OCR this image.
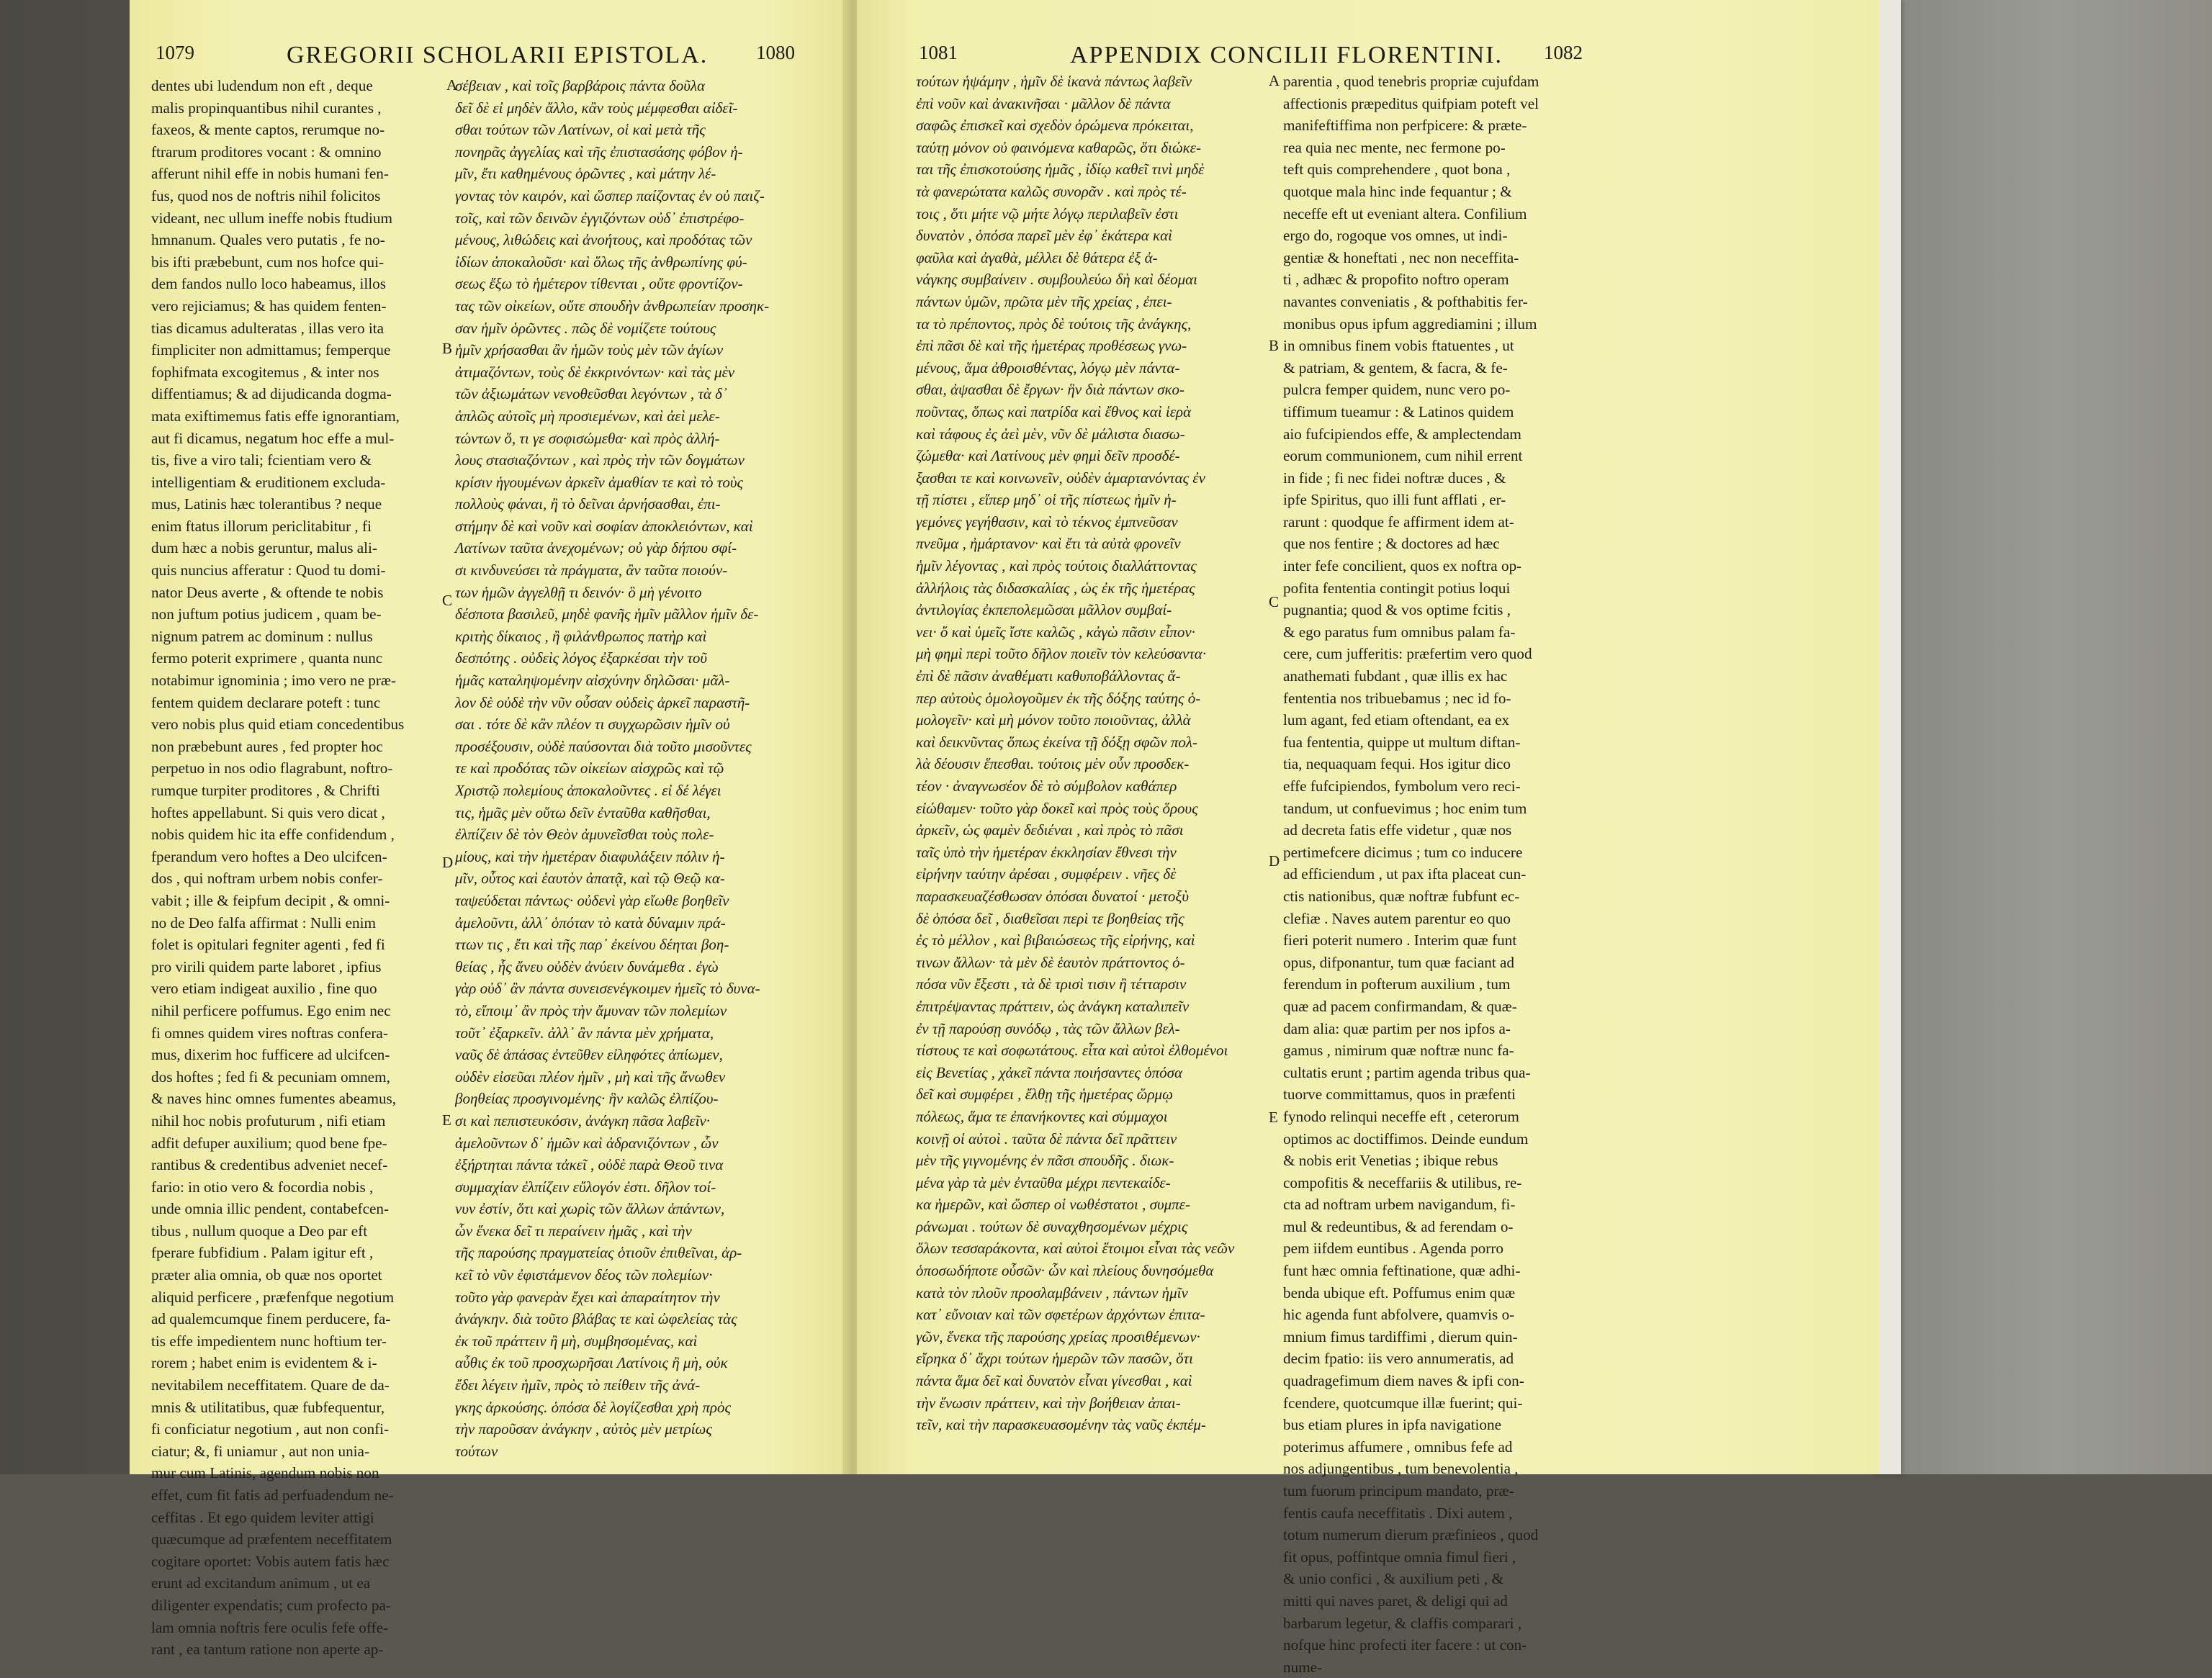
1079	GREGORII SCHOLARII EPISTOLA. 1080
dentes ubi ludendum non eft , deque
malis propinquantibus nihil curantes ,
faxeos, & mente captos, rerumque no-
ftrarum proditores vocant : & omnino
afferunt nihil effe in nobis humani fen-
fus, quod nos de noftris nihil folicitos
videant, nec ullum ineffe nobis ftudium
hmnanum. Quales vero putatis , fe no-
bis ifti præbebunt, cum nos hofce qui-
dem fandos nullo loco habeamus, illos
vero rejiciamus; & has quidem fenten-
tias dicamus adulteratas , illas vero ita
fimpliciter non admittamus; femperque
fophifmata excogitemus , & inter nos
diffentiamus; & ad dijudicanda dogma-
mata exiftimemus fatis effe ignorantiam,
aut fi dicamus, negatum hoc effe a mul-
tis, five a viro tali; fcientiam vero &
intelligentiam & eruditionem excluda-
mus, Latinis hæc tolerantibus ? neque
enim ftatus illorum periclitabitur , fi
dum hæc a nobis geruntur, malus ali-
quis nuncius afferatur : Quod tu domi-
nator Deus averte , & oftende te nobis
non juftum potius judicem , quam be-
nignum patrem ac dominum : nullus
fermo poterit exprimere , quanta nunc
notabimur ignominia ; imo vero ne præ-
fentem quidem declarare poteft : tunc
vero nobis plus quid etiam concedentibus
non præbebunt aures , fed propter hoc
perpetuo in nos odio flagrabunt, noftro-
rumque turpiter proditores , & Chrifti
hoftes appellabunt. Si quis vero dicat ,
nobis quidem hic ita effe confidendum ,
fperandum vero hoftes a Deo ulcifcen-
dos , qui noftram urbem nobis confer-
vabit ; ille & feipfum decipit , & omni-
no de Deo falfa affirmat : Nulli enim
folet is opitulari fegniter agenti , fed fi
pro virili quidem parte laboret , ipfius
vero etiam indigeat auxilio , fine quo
nihil perficere poffumus. Ego enim nec
fi omnes quidem vires noftras confera-
mus, dixerim hoc fufficere ad ulcifcen-
dos hoftes ; fed fi & pecuniam omnem,
& naves hinc omnes fumentes abeamus,
nihil hoc nobis profuturum , nifi etiam
adfit defuper auxilium; quod bene fpe-
rantibus & credentibus adveniet necef-
fario: in otio vero & focordia nobis ,
unde omnia illic pendent, contabefcen-
tibus , nullum quoque a Deo par eft
fperare fubfidium . Palam igitur eft ,
præter alia omnia, ob quæ nos oportet
aliquid perficere , præfenfque negotium
ad qualemcumque finem perducere, fa-
tis effe impedientem nunc hoftium ter-
rorem ; habet enim is evidentem & i-
nevitabilem neceffitatem. Quare de da-
mnis & utilitatibus, quæ fubfequentur,
fi conficiatur negotium , aut non confi-
ciatur; &, fi uniamur , aut non unia-
mur cum Latinis, agendum nobis non
effet, cum fit fatis ad perfuadendum ne-
ceffitas . Et ego quidem leviter attigi
quæcumque ad præfentem neceffitatem
cogitare oportet: Vobis autem fatis hæc
erunt ad excitandum animum , ut ea
diligenter expendatis; cum profecto pa-
lam omnia noftris fere oculis fefe offe-
rant , ea tantum ratione non aperte ap-
σέβειαν , καὶ τοῖς βαρβάροις πάντα δοῦλα
δεῖ δὲ εἰ μηδὲν ἄλλο, κἂν τοὺς μέμφεσθαι αἰδεῖ-
σθαι τούτων τῶν Λατίνων, οἱ καὶ μετὰ τῆς
πονηρᾶς ἀγγελίας καὶ τῆς ἐπιστασάσης φόβον ἡ-
μῖν, ἔτι καθημένους ὁρῶντες , καὶ μάτην λέ-
γοντας τὸν καιρόν, καὶ ὥσπερ παίζοντας ἐν οὐ παιζ-
τοῖς, καὶ τῶν δεινῶν ἐγγιζόντων οὐδ᾽ ἐπιστρέφο-
μένους, λιθώδεις καὶ ἀνοήτους, καὶ προδότας τῶν
ἰδίων ἀποκαλοῦσι· καὶ ὅλως τῆς ἀνθρωπίνης φύ-
σεως ἔξω τὸ ἡμέτερον τίθενται , οὔτε φροντίζον-
τας τῶν οἰκείων, οὔτε σπουδὴν ἀνθρωπείαν προσηκ-
σαν ἡμῖν ὁρῶντες . πῶς δὲ νομίζετε τούτους
ἡμῖν χρήσασθαι ἂν ἡμῶν τοὺς μὲν τῶν ἁγίων
ἀτιμαζόντων, τοὺς δὲ ἐκκρινόντων· καὶ τὰς μὲν
τῶν ἀξιωμάτων νενοθεῦσθαι λεγόντων , τὰ δ᾽
ἁπλῶς αὐτοῖς μὴ προσιεμένων, καὶ ἀεὶ μελε-
τώντων ὅ, τι γε σοφισώμεθα· καὶ πρὸς ἀλλή-
λους στασιαζόντων , καὶ πρὸς τὴν τῶν δογμάτων
κρίσιν ἡγουμένων ἀρκεῖν ἀμαθίαν τε καὶ τὸ τοὺς
πολλοὺς φάναι, ἢ τὸ δεῖναι ἀρνήσασθαι, ἐπι-
στήμην δὲ καὶ νοῦν καὶ σοφίαν ἀποκλειόντων, καὶ
Λατίνων ταῦτα ἀνεχομένων; οὐ γὰρ δήπου σφί-
σι κινδυνεύσει τὰ πράγματα, ἂν ταῦτα ποιούν-
των ἡμῶν ἀγγελθῇ τι δεινόν· ὃ μὴ γένοιτο
δέσποτα βασιλεῦ, μηδὲ φανῆς ἡμῖν μᾶλλον ἡμῖν δε-
κριτὴς δίκαιος , ἢ φιλάνθρωπος πατὴρ καὶ
δεσπότης . οὐδεὶς λόγος ἐξαρκέσαι τὴν τοῦ
ἡμᾶς καταληψομένην αἰσχύνην δηλῶσαι· μᾶλ-
λον δὲ οὐδὲ τὴν νῦν οὖσαν οὐδεὶς ἀρκεῖ παραστῆ-
σαι . τότε δὲ κἂν πλέον τι συγχωρῶσιν ἡμῖν οὐ
προσέξουσιν, οὐδὲ παύσονται διὰ τοῦτο μισοῦντες
τε καὶ προδότας τῶν οἰκείων αἰσχρῶς καὶ τῷ
Χριστῷ πολεμίους ἀποκαλοῦντες . εἰ δέ λέγει
τις, ἡμᾶς μὲν οὕτω δεῖν ἐνταῦθα καθῆσθαι,
ἐλπίζειν δὲ τὸν Θεὸν ἀμυνεῖσθαι τοὺς πολε-
μίους, καὶ τὴν ἡμετέραν διαφυλάξειν πόλιν ἡ-
μῖν, οὗτος καὶ ἑαυτὸν ἀπατᾷ, καὶ τῷ Θεῷ κα-
ταψεύδεται πάντως· οὐδενὶ γὰρ εἴωθε βοηθεῖν
ἀμελοῦντι, ἀλλ᾽ ὁπόταν τὸ κατὰ δύναμιν πρά-
ττων τις , ἔτι καὶ τῆς παρ᾽ ἐκείνου δέηται βοη-
θείας , ἧς ἄνευ οὐδὲν ἀνύειν δυνάμεθα . ἐγὼ
γὰρ οὐδ᾽ ἂν πάντα συνεισενέγκοιμεν ἡμεῖς τὸ δυνα-
τὸ, εἴποιμ᾽ ἂν πρὸς τὴν ἄμυναν τῶν πολεμίων
τοῦτ᾽ ἐξαρκεῖν. ἀλλ᾽ ἂν πάντα μὲν χρήματα,
ναῦς δὲ ἁπάσας ἐντεῦθεν εἰληφότες ἀπίωμεν,
οὐδὲν εἰσεῦαι πλέον ἡμῖν , μὴ καὶ τῆς ἄνωθεν
βοηθείας προσγινομένης· ἣν καλῶς ἐλπίζου-
σι καὶ πεπιστευκόσιν, ἀνάγκη πᾶσα λαβεῖν·
ἀμελοῦντων δ᾽ ἡμῶν καὶ ἀδρανιζόντων , ὧν
ἐξήρτηται πάντα τἀκεῖ , οὐδὲ παρὰ Θεοῦ τινα
συμμαχίαν ἐλπίζειν εὔλογόν ἐστι. δῆλον τοί-
νυν ἐστίν, ὅτι καὶ χωρὶς τῶν ἄλλων ἁπάντων,
ὧν ἕνεκα δεῖ τι περαίνειν ἡμᾶς , καὶ τὴν
τῆς παρούσης πραγματείας ὁτιοῦν ἐπιθεῖναι, ἀρ-
κεῖ τὸ νῦν ἐφιστάμενον δέος τῶν πολεμίων·
τοῦτο γὰρ φανερὰν ἔχει καὶ ἀπαραίτητον τὴν
ἀνάγκην. διὰ τοῦτο βλάβας τε καὶ ὠφελείας τὰς
ἐκ τοῦ πράττειν ἢ μὴ, συμβησομένας, καὶ
αὖθις ἐκ τοῦ προσχωρῆσαι Λατίνοις ἢ μὴ, οὐκ
ἔδει λέγειν ἡμῖν, πρὸς τὸ πείθειν τῆς ἀνά-
γκης ἀρκούσης. ὁπόσα δὲ λογίζεσθαι χρὴ πρὸς
τὴν παροῦσαν ἀνάγκην , αὐτὸς μὲν μετρίως
τούτων
A
B
C
D
E
1081	APPENDIX CONCILII FLORENTINI. 1082
τούτων ἡψάμην , ἡμῖν δὲ ἱκανὰ πάντως λαβεῖν
ἐπὶ νοῦν καὶ ἀνακινῆσαι · μᾶλλον δὲ πάντα
σαφῶς ἐπισκεῖ καὶ σχεδὸν ὁρώμενα πρόκειται,
ταύτῃ μόνον οὐ φαινόμενα καθαρῶς, ὅτι διώκε-
ται τῆς ἐπισκοτούσης ἡμᾶς , ἰδίῳ καθεῖ τινὶ μηδὲ
τὰ φανερώτατα καλῶς συνορᾶν . καὶ πρὸς τέ-
τοις , ὅτι μήτε νῷ μήτε λόγῳ περιλαβεῖν ἐστι
δυνατὸν , ὁπόσα παρεῖ μὲν ἐφ᾽ ἑκάτερα καὶ
φαῦλα καὶ ἀγαθὰ, μέλλει δὲ θάτερα ἐξ ἀ-
νάγκης συμβαίνειν . συμβουλεύω δὴ καὶ δέομαι
πάντων ὑμῶν, πρῶτα μὲν τῆς χρείας , ἐπει-
τα τὸ πρέποντος, πρὸς δὲ τούτοις τῆς ἀνάγκης,
ἐπὶ πᾶσι δὲ καὶ τῆς ἡμετέρας προθέσεως γνω-
μένους, ἅμα ἀθροισθέντας, λόγῳ μὲν πάντα-
σθαι, ἀψασθαι δὲ ἔργων· ἣν διὰ πάντων σκο-
ποῦντας, ὅπως καὶ πατρίδα καὶ ἔθνος καὶ ἱερὰ
καὶ τάφους ἐς ἀεὶ μὲν, νῦν δὲ μάλιστα διασω-
ζώμεθα· καὶ Λατίνους μὲν φημὶ δεῖν προσδέ-
ξασθαι τε καὶ κοινωνεῖν, οὐδὲν ἁμαρτανόντας ἐν
τῇ πίστει , εἴπερ μηδ᾽ οἱ τῆς πίστεως ἡμῖν ἡ-
γεμόνες γεγήθασιν, καὶ τὸ τέκνος ἐμπνεῦσαν
πνεῦμα , ἠμάρτανον· καὶ ἔτι τὰ αὐτὰ φρονεῖν
ἡμῖν λέγοντας , καὶ πρὸς τούτοις διαλλάττοντας
ἀλλήλοις τὰς διδασκαλίας , ὡς ἐκ τῆς ἡμετέρας
ἀντιλογίας ἐκπεπολεμῶσαι μᾶλλον συμβαί-
νει· ὅ καὶ ὑμεῖς ἴστε καλῶς , κἀγὼ πᾶσιν εἶπον·
μὴ φημὶ περὶ τοῦτο δῆλον ποιεῖν τὸν κελεύσαντα·
ἐπὶ δὲ πᾶσιν ἀναθέματι καθυποβάλλοντας ἅ-
περ αὐτοὺς ὁμολογοῦμεν ἐκ τῆς δόξης ταύτης ὁ-
μολογεῖν· καὶ μὴ μόνον τοῦτο ποιοῦντας, ἀλλὰ
καὶ δεικνῦντας ὅπως ἐκείνα τῇ δόξῃ σφῶν πολ-
λὰ δέουσιν ἕπεσθαι. τούτοις μὲν οὖν προσδεκ-
τέον · ἀναγνωσέον δὲ τὸ σύμβολον καθάπερ
εἰώθαμεν· τοῦτο γὰρ δοκεῖ καὶ πρὸς τοὺς ὅρους
ἀρκεῖν, ὡς φαμὲν δεδιέναι , καὶ πρὸς τὸ πᾶσι
ταῖς ὑπὸ τὴν ἡμετέραν ἐκκλησίαν ἔθνεσι τὴν
εἰρήνην ταύτην ἀρέσαι , συμφέρειν . νῆες δὲ
παρασκευαζέσθωσαν ὁπόσαι δυνατοί · μετοξὺ
δὲ ὁπόσα δεῖ , διαθεῖσαι περὶ τε βοηθείας τῆς
ἐς τὸ μέλλον , καὶ βιβαιώσεως τῆς εἰρήνης, καὶ
τινων ἄλλων· τὰ μὲν δὲ ἑαυτὸν πράττοντος ὁ-
πόσα νῦν ἔξεστι , τὰ δὲ τρισὶ τισιν ἢ τέτταρσιν
ἐπιτρέψαντας πράττειν, ὡς ἀνάγκη καταλιπεῖν
ἐν τῇ παρούσῃ συνόδῳ , τὰς τῶν ἄλλων βελ-
τίστους τε καὶ σοφωτάτους. εἶτα καὶ αὐτοὶ ἐλθομένοι
εἰς Βενετίας , χἀκεῖ πάντα ποιήσαντες ὁπόσα
δεῖ καὶ συμφέρει , ἔλθῃ τῆς ἡμετέρας ὥρμῳ
πόλεως, ἅμα τε ἐπανήκοντες καὶ σύμμαχοι
κοινῇ οἱ αὐτοὶ . ταῦτα δὲ πάντα δεῖ πρᾶττειν
μὲν τῆς γιγνομένης ἐν πᾶσι σπουδῆς . διωκ-
μένα γὰρ τὰ μὲν ἐνταῦθα μέχρι πεντεκαίδε-
κα ἡμερῶν, καὶ ὥσπερ οἱ νωθέστατοι , συμπε-
ράνωμαι . τούτων δὲ συναχθησομένων μέχρις
ὅλων τεσσαράκοντα, καὶ αὐτοὶ ἕτοιμοι εἶναι τὰς νεῶν
ὁποσωδήποτε οὖσῶν· ὧν καὶ πλείους δυνησόμεθα
κατὰ τὸν πλοῦν προσλαμβάνειν , πάντων ἡμῖν
κατ᾽ εὔνοιαν καὶ τῶν σφετέρων ἀρχόντων ἐπιτα-
γῶν, ἕνεκα τῆς παρούσης χρείας προσιθέμενων·
εἴρηκα δ᾽ ἄχρι τούτων ἡμερῶν τῶν πασῶν, ὅτι
πάντα ἅμα δεῖ καὶ δυνατὸν εἶναι γίνεσθαι , καὶ
τὴν ἕνωσιν πράττειν, καὶ τὴν βοήθειαν ἀπαι-
τεῖν, καὶ τὴν παρασκευασομένην τὰς ναῦς ἐκπέμ-
parentia , quod tenebris propriæ cujufdam
affectionis præpeditus quifpiam poteft vel
manifeftiffima non perfpicere: & præte-
rea quia nec mente, nec fermone po-
teft quis comprehendere , quot bona ,
quotque mala hinc inde fequantur ; &
neceffe eft ut eveniant altera. Confilium
ergo do, rogoque vos omnes, ut indi-
gentiæ & honeftati , nec non neceffita-
ti , adhæc & propofito noftro operam
navantes conveniatis , & pofthabitis fer-
monibus opus ipfum aggrediamini ; illum
in omnibus finem vobis ftatuentes , ut
& patriam, & gentem, & facra, & fe-
pulcra femper quidem, nunc vero po-
tiffimum tueamur : & Latinos quidem
aio fufcipiendos effe, & amplectendam
eorum communionem, cum nihil errent
in fide ; fi nec fidei noftræ duces , &
ipfe Spiritus, quo illi funt afflati , er-
rarunt : quodque fe affirment idem at-
que nos fentire ; & doctores ad hæc
inter fefe concilient, quos ex noftra op-
pofita fententia contingit potius loqui
pugnantia; quod & vos optime fcitis ,
& ego paratus fum omnibus palam fa-
cere, cum jufferitis: præfertim vero quod
anathemati fubdant , quæ illis ex hac
fententia nos tribuebamus ; nec id fo-
lum agant, fed etiam oftendant, ea ex
fua fententia, quippe ut multum diftan-
tia, nequaquam fequi. Hos igitur dico
effe fufcipiendos, fymbolum vero reci-
tandum, ut confuevimus ; hoc enim tum
ad decreta fatis effe videtur , quæ nos
pertimefcere dicimus ; tum co inducere
ad efficiendum , ut pax ifta placeat cun-
ctis nationibus, quæ noftræ fubfunt ec-
clefiæ . Naves autem parentur eo quo
fieri poterit numero . Interim quæ funt
opus, difponantur, tum quæ faciant ad
ferendum in pofterum auxilium , tum
quæ ad pacem confirmandam, & quæ-
dam alia: quæ partim per nos ipfos a-
gamus , nimirum quæ noftræ nunc fa-
cultatis erunt ; partim agenda tribus qua-
tuorve committamus, quos in præfenti
fynodo relinqui neceffe eft , ceterorum
optimos ac doctiffimos. Deinde eundum
& nobis erit Venetias ; ibique rebus
compofitis & neceffariis & utilibus, re-
cta ad noftram urbem navigandum, fi-
mul & redeuntibus, & ad ferendam o-
pem iifdem euntibus . Agenda porro
funt hæc omnia feftinatione, quæ adhi-
benda ubique eft. Poffumus enim quæ
hic agenda funt abfolvere, quamvis o-
mnium fimus tardiffimi , dierum quin-
decim fpatio: iis vero annumeratis, ad
quadragefimum diem naves & ipfi con-
fcendere, quotcumque illæ fuerint; qui-
bus etiam plures in ipfa navigatione
poterimus affumere , omnibus fefe ad
nos adjungentibus , tum benevolentia ,
tum fuorum principum mandato, præ-
fentis caufa neceffitatis . Dixi autem ,
totum numerum dierum præfinieos , quod
fit opus, poffintque omnia fimul fieri ,
& unio confici , & auxilium peti , &
mitti qui naves paret, & deligi qui ad
barbarum legetur, & claffis comparari ,
nofque hinc profecti iter facere : ut con-
nume-
A
B
C
D
E
